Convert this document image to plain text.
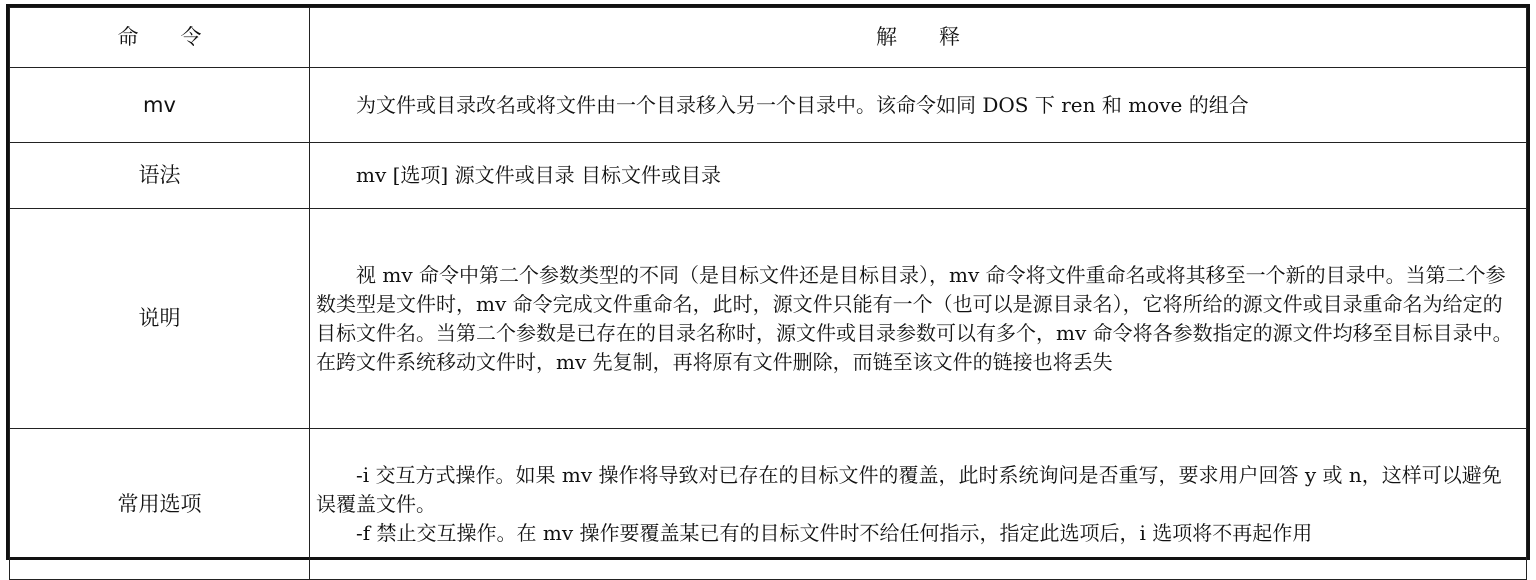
命　　令	解　　释
mv	为文件或目录改名或将文件由一个目录移入另一个目录中。该命令如同 DOS 下 ren 和 move 的组合

语法	mv [选项] 源文件或目录 目标文件或目录

说明	视 mv 命令中第二个参数类型的不同（是目标文件还是目标目录），mv 命令将文件重命名或将其移至一个新的目录中。当第二个参数类型是文件时，mv 命令完成文件重命名，此时，源文件只能有一个（也可以是源目录名），它将所给的源文件或目录重命名为给定的目标文件名。当第二个参数是已存在的目录名称时，源文件或目录参数可以有多个，mv 命令将各参数指定的源文件均移至目标目录中。在跨文件系统移动文件时，mv 先复制，再将原有文件删除，而链至该文件的链接也将丢失

常用选项	-i 交互方式操作。如果 mv 操作将导致对已存在的目标文件的覆盖，此时系统询问是否重写，要求用户回答 y 或 n，这样可以避免误覆盖文件。

-f 禁止交互操作。在 mv 操作要覆盖某已有的目标文件时不给任何指示，指定此选项后，i 选项将不再起作用
